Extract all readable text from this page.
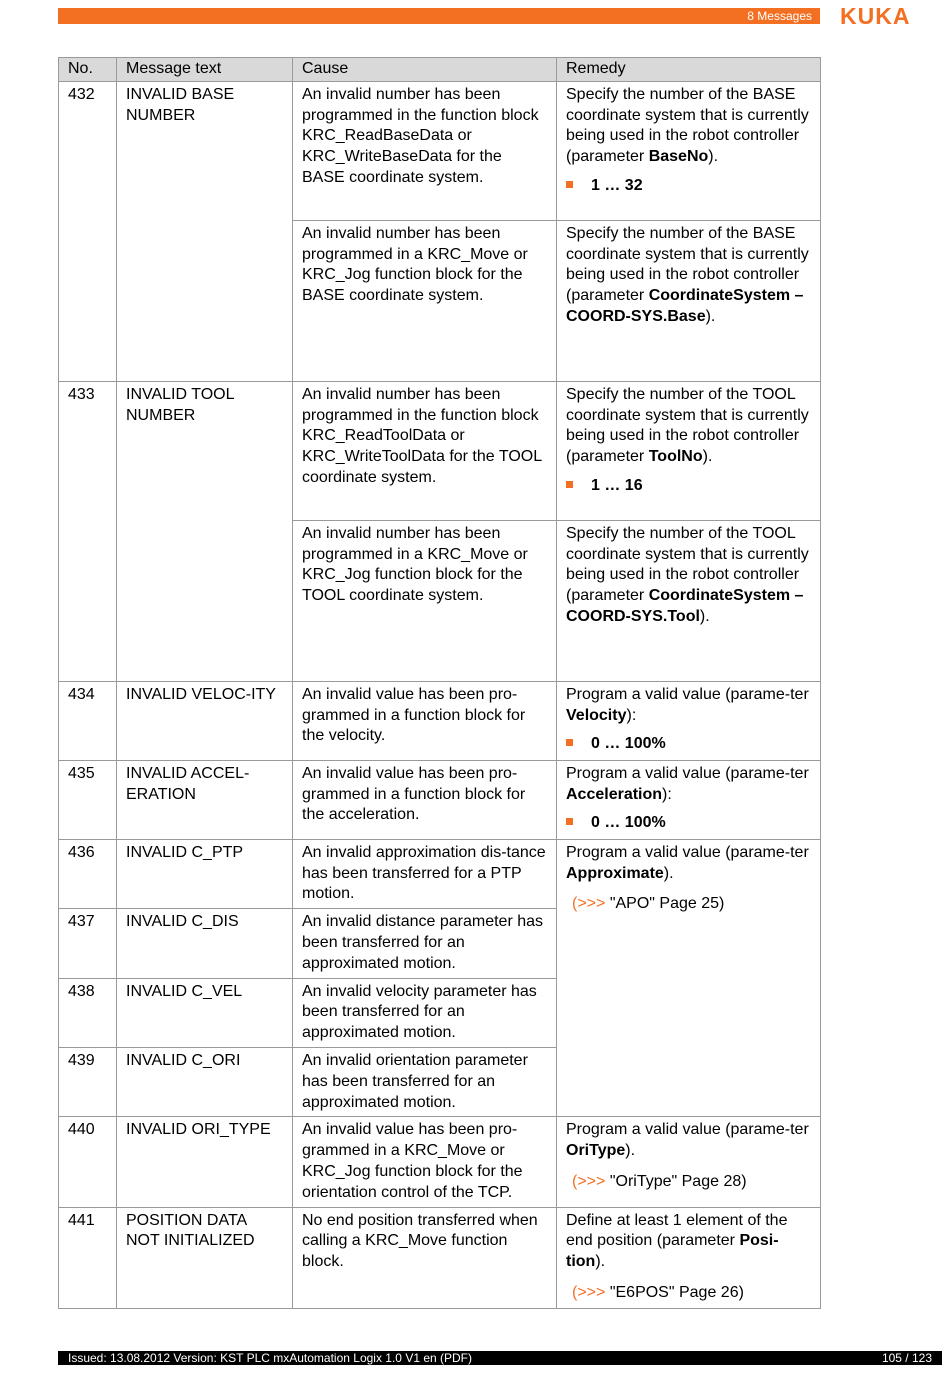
8 Messages KUKA
No.	Message text	Cause	Remedy
432	INVALID BASE NUMBER	An invalid number has been programmed in the function block KRC_ReadBaseData or KRC_WriteBaseData for the BASE coordinate system.	Specify the number of the BASE coordinate system that is currently being used in the robot controller (parameter BaseNo).
1 … 32

		An invalid number has been programmed in a KRC_Move or KRC_Jog function block for the BASE coordinate system.	Specify the number of the BASE coordinate system that is currently being used in the robot controller (parameter CoordinateSystem – COORD-SYS.Base).
433	INVALID TOOL NUMBER	An invalid number has been programmed in the function block KRC_ReadToolData or KRC_WriteToolData for the TOOL coordinate system.	Specify the number of the TOOL coordinate system that is currently being used in the robot controller (parameter ToolNo).
1 … 16

		An invalid number has been programmed in a KRC_Move or KRC_Jog function block for the TOOL coordinate system.	Specify the number of the TOOL coordinate system that is currently being used in the robot controller (parameter CoordinateSystem – COORD-SYS.Tool).
434	INVALID VELOC-ITY	An invalid value has been pro-grammed in a function block for the velocity.	Program a valid value (parame-ter Velocity):
0 … 100%

435	INVALID ACCEL-ERATION	An invalid value has been pro-grammed in a function block for the acceleration.	Program a valid value (parame-ter Acceleration):
0 … 100%

436	INVALID C_PTP	An invalid approximation dis-tance has been transferred for a PTP motion.	Program a valid value (parame-ter Approximate).
(>>> "APO" Page 25)

437	INVALID C_DIS	An invalid distance parameter has been transferred for an approximated motion.	
438	INVALID C_VEL	An invalid velocity parameter has been transferred for an approximated motion.	
439	INVALID C_ORI	An invalid orientation parameter has been transferred for an approximated motion.	
440	INVALID ORI_TYPE	An invalid value has been pro-grammed in a KRC_Move or KRC_Jog function block for the orientation control of the TCP.	Program a valid value (parame-ter OriType).
(>>> "OriType" Page 28)

441	POSITION DATA NOT INITIALIZED	No end position transferred when calling a KRC_Move function block.	Define at least 1 element of the end position (parameter Posi-tion).
(>>> "E6POS" Page 26)
Issued: 13.08.2012 Version: KST PLC mxAutomation Logix 1.0 V1 en (PDF)	105 / 123
